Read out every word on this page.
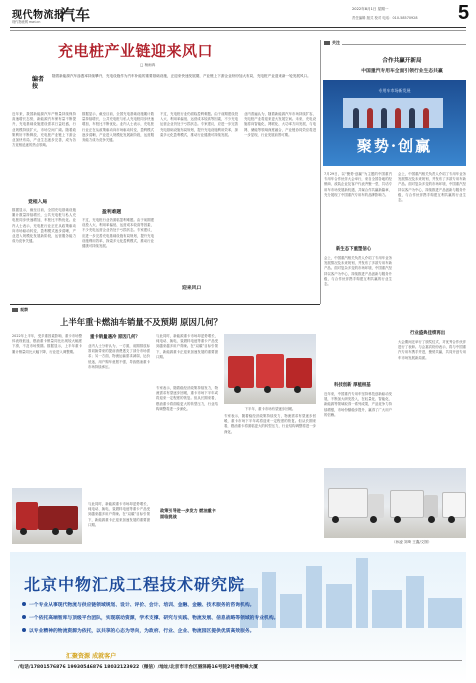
现代物流报
现代物流网 mwi.cn 汽车	2022年8月1日 星期一
责任编辑 版式 校对 电话：010-58570928 5
充电桩产业链迎来风口
□ 杨雨冉
编者按
随着新能源汽车渗透率持续攀升，充电设施作为汽车补能的重要基础设施，正迎来快速发展期，产业链上下游企业纷纷加大布局，充电桩产业迎来新一轮发展风口。
近年来，我国新能源汽车产销量持续保持高速增长态势，新能源汽车保有量不断提升，充电基础设施建设需求日益旺盛，行业规模持续扩大，市场空间广阔。随着政策利好不断释放，充电桩产业链上下游企业加快布局，产业生态逐步完善，成为各方竞相追逐的热点领域。
竞相入局
数据显示，截至目前，全国充电基础设施累计数量持续增长，公共充电桩与私人充电桩同步快速增加，车桩比不断优化。业内人士表示，充电桩行业正在从政策驱动向市场驱动转变，盈利模式逐步清晰，产业进入规模化发展新阶段，运营服务能力成为竞争关键。
数据显示，截至目前，全国充电基础设施累计数量持续增长，公共充电桩与私人充电桩同步快速增加，车桩比不断优化。业内人士表示，充电桩行业正在从政策驱动向市场驱动转变，盈利模式逐步清晰，产业进入规模化发展新阶段，运营服务能力成为竞争关键。
盈利难题
不过，充电桩行业仍面临盈利难题。由于前期建设投入大、利用率偏低、运营成本较高等因素，不少充电运营企业仍处于亏损状态。专家建议，应进一步完善充电基础设施布局规划，提升充电设施利用效率，探索多元化盈利模式，推动行业健康可持续发展。
不过，充电桩行业仍面临盈利难题。由于前期建设投入大、利用率偏低、运营成本较高等因素，不少充电运营企业仍处于亏损状态。专家建议，应进一步完善充电基础设施布局规划，提升充电设施利用效率，探索多元化盈利模式，推动行业健康可持续发展。
迎来风口
业内普遍认为，随着新能源汽车市场持续扩容，充电桩产业将迎来更大发展空间。未来，充电设施将向智能化、网联化、大功率方向发展，与电网、储能等领域深度融合，产业链协同效应将进一步显现，行业发展前景可期。
关注
合作共赢开新局
中国重汽专用车全面引领行业生态共赢
专用车市场新发展
聚势·创赢
7月29日，以“聚势·创赢”为主题的中国重汽专用车合作伙伴大会举行，来自全国各地的经销商、改装企业及客户代表齐聚一堂，共话专用车市场发展新机遇，共谋合作共赢新篇章，充分展现了中国重汽专用车的品牌影响力。
新生态下重塑信心
会上，中国重汽相关负责人介绍了专用车业务发展情况及未来规划，并发布了多款专用车新产品。面对复杂多变的市场环境，中国重汽坚持以客户为中心，持续推进产品创新与服务升级，与合作伙伴携手构建互利共赢的行业生态。
科技创新 厚植根基
近年来，中国重汽专用车坚持科技创新驱动发展，不断加大研发投入，在轻量化、智能化、新能源等领域取得一系列成果，产品竞争力持续增强，市场份额稳步提升，赢得了广大用户的信赖。
会上，中国重汽相关负责人介绍了专用车业务发展情况及未来规划，并发布了多款专用车新产品。面对复杂多变的市场环境，中国重汽坚持以客户为中心，持续推进产品创新与服务升级，与合作伙伴携手构建互利共赢的行业生态。
行业盛典佳绩再出
大会期间还举行了颁奖仪式，对优秀合作伙伴进行了表彰。与会嘉宾纷纷表示，将与中国重汽专用车携手并进，聚势共赢，共同开创专用车市场发展新局面。
（孙凌 刘琦 王鑫/文图）
观察
上半年重卡燃油车销量不及预期 原因几何？
2022年上半年，受多重因素影响，重卡市场整体表现低迷，燃油重卡销量同比出现较大幅度下滑，不及市场预期。数据显示，上半年重卡累计销量同比大幅下降，行业进入调整期。
重卡销量遇冷 原因几何？
业内人士分析认为，一方面，前期排放标准切换带来的提前消费透支了部分市场需求；另一方面，物流运输需求减弱，运价低迷，用户购车意愿不强，导致燃油重卡市场持续承压。
与此同时，新能源重卡市场却逆势增长，纯电动、换电、氢燃料电池等重卡产品受到越来越多用户青睐。在“双碳”目标引领下，新能源重卡正迎来加速发展的重要窗口期。
下半年，重卡市场有望逐步回暖。
专家表示，随着稳经济政策持续发力，物流需求有望逐步回暖，重卡市场下半年或将迎来一定程度的恢复。但从长期来看，燃油重卡将面临更大的转型压力，行业结构调整将进一步深化。
政策引导进一步发力 燃油重卡面临挑战
专家表示，随着稳经济政策持续发力，物流需求有望逐步回暖，重卡市场下半年或将迎来一定程度的恢复。但从长期来看，燃油重卡将面临更大的转型压力，行业结构调整将进一步深化。
与此同时，新能源重卡市场却逆势增长，纯电动、换电、氢燃料电池等重卡产品受到越来越多用户青睐。在“双碳”目标引领下，新能源重卡正迎来加速发展的重要窗口期。
北京中物汇成工程技术研究院
一个专业从事现代物流与供应链领域规划、设计、评价、会计、培训、金融、金融、技术服务的咨询机构。
一个依托高端智库与顶级平台团队，实现联动资源，学术支撑、研究与实践、物流发展、信息战略等领域的专业机构。
以专业精神的物流资源为依托，以共享的心态为导向，为政府、行业、企业、物流园区提供优质高效服务。
汇聚资源 成就客户
/电话/17801576876 19930546876 18032123922（微信）/地址/北京市丰台区丽泽路16号院2号楼银峰大厦
